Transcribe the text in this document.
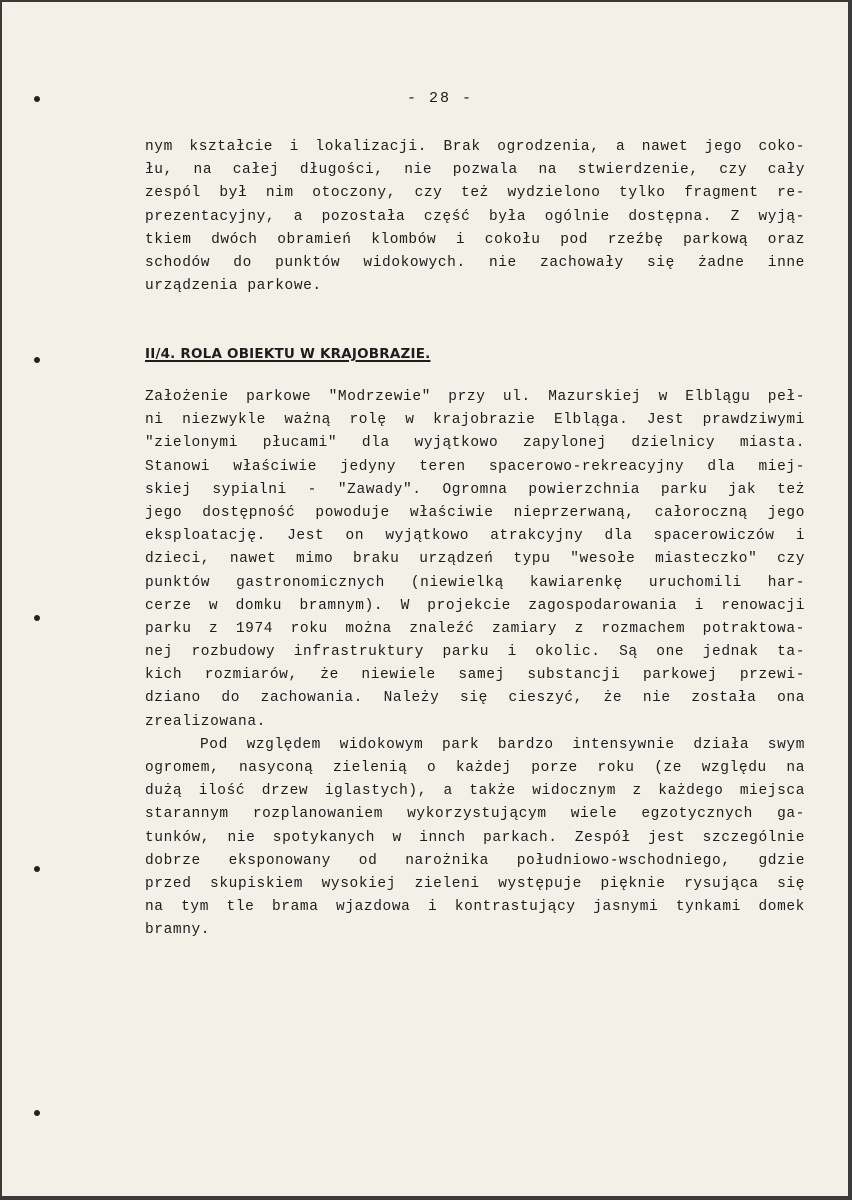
- 28 -
nym kształcie i lokalizacji. Brak ogrodzenia, a nawet jego coko-
łu, na całej długości, nie pozwala na stwierdzenie, czy cały
zespól był nim otoczony, czy też wydzielono tylko fragment re-
prezentacyjny, a pozostała część była ogólnie dostępna. Z wyją-
tkiem dwóch obramień klombów i cokołu pod rzeźbę parkową oraz
schodów do punktów widokowych. nie zachowały się żadne inne
urządzenia parkowe.
II/4. ROLA OBIEKTU W KRAJOBRAZIE.
Założenie parkowe "Modrzewie" przy ul. Mazurskiej w Elblągu peł-
ni niezwykle ważną rolę w krajobrazie Elbląga. Jest prawdziwymi
"zielonymi płucami" dla wyjątkowo zapylonej dzielnicy miasta.
Stanowi właściwie jedyny teren spacerowo-rekreacyjny dla miej-
skiej sypialni - "Zawady". Ogromna powierzchnia parku jak też
jego dostępność powoduje właściwie nieprzerwaną, całoroczną jego
eksploatację. Jest on wyjątkowo atrakcyjny dla spacerowiczów i
dzieci, nawet mimo braku urządzeń typu "wesołe miasteczko" czy
punktów gastronomicznych (niewielką kawiarenkę uruchomili har-
cerze w domku bramnym). W projekcie zagospodarowania i renowacji
parku z 1974 roku można znaleźć zamiary z rozmachem potraktowa-
nej rozbudowy infrastruktury parku i okolic. Są one jednak ta-
kich rozmiarów, że niewiele samej substancji parkowej przewi-
dziano do zachowania. Należy się cieszyć, że nie została ona
zrealizowana.
Pod względem widokowym park bardzo intensywnie działa swym
ogromem, nasyconą zielenią o każdej porze roku (ze względu na
dużą ilość drzew iglastych), a także widocznym z każdego miejsca
starannym rozplanowaniem wykorzystującym wiele egzotycznych ga-
tunków, nie spotykanych w innch parkach. Zespół jest szczególnie
dobrze eksponowany od narożnika południowo-wschodniego, gdzie
przed skupiskiem wysokiej zieleni występuje pięknie rysująca się
na tym tle brama wjazdowa i kontrastujący jasnymi tynkami domek
bramny.
